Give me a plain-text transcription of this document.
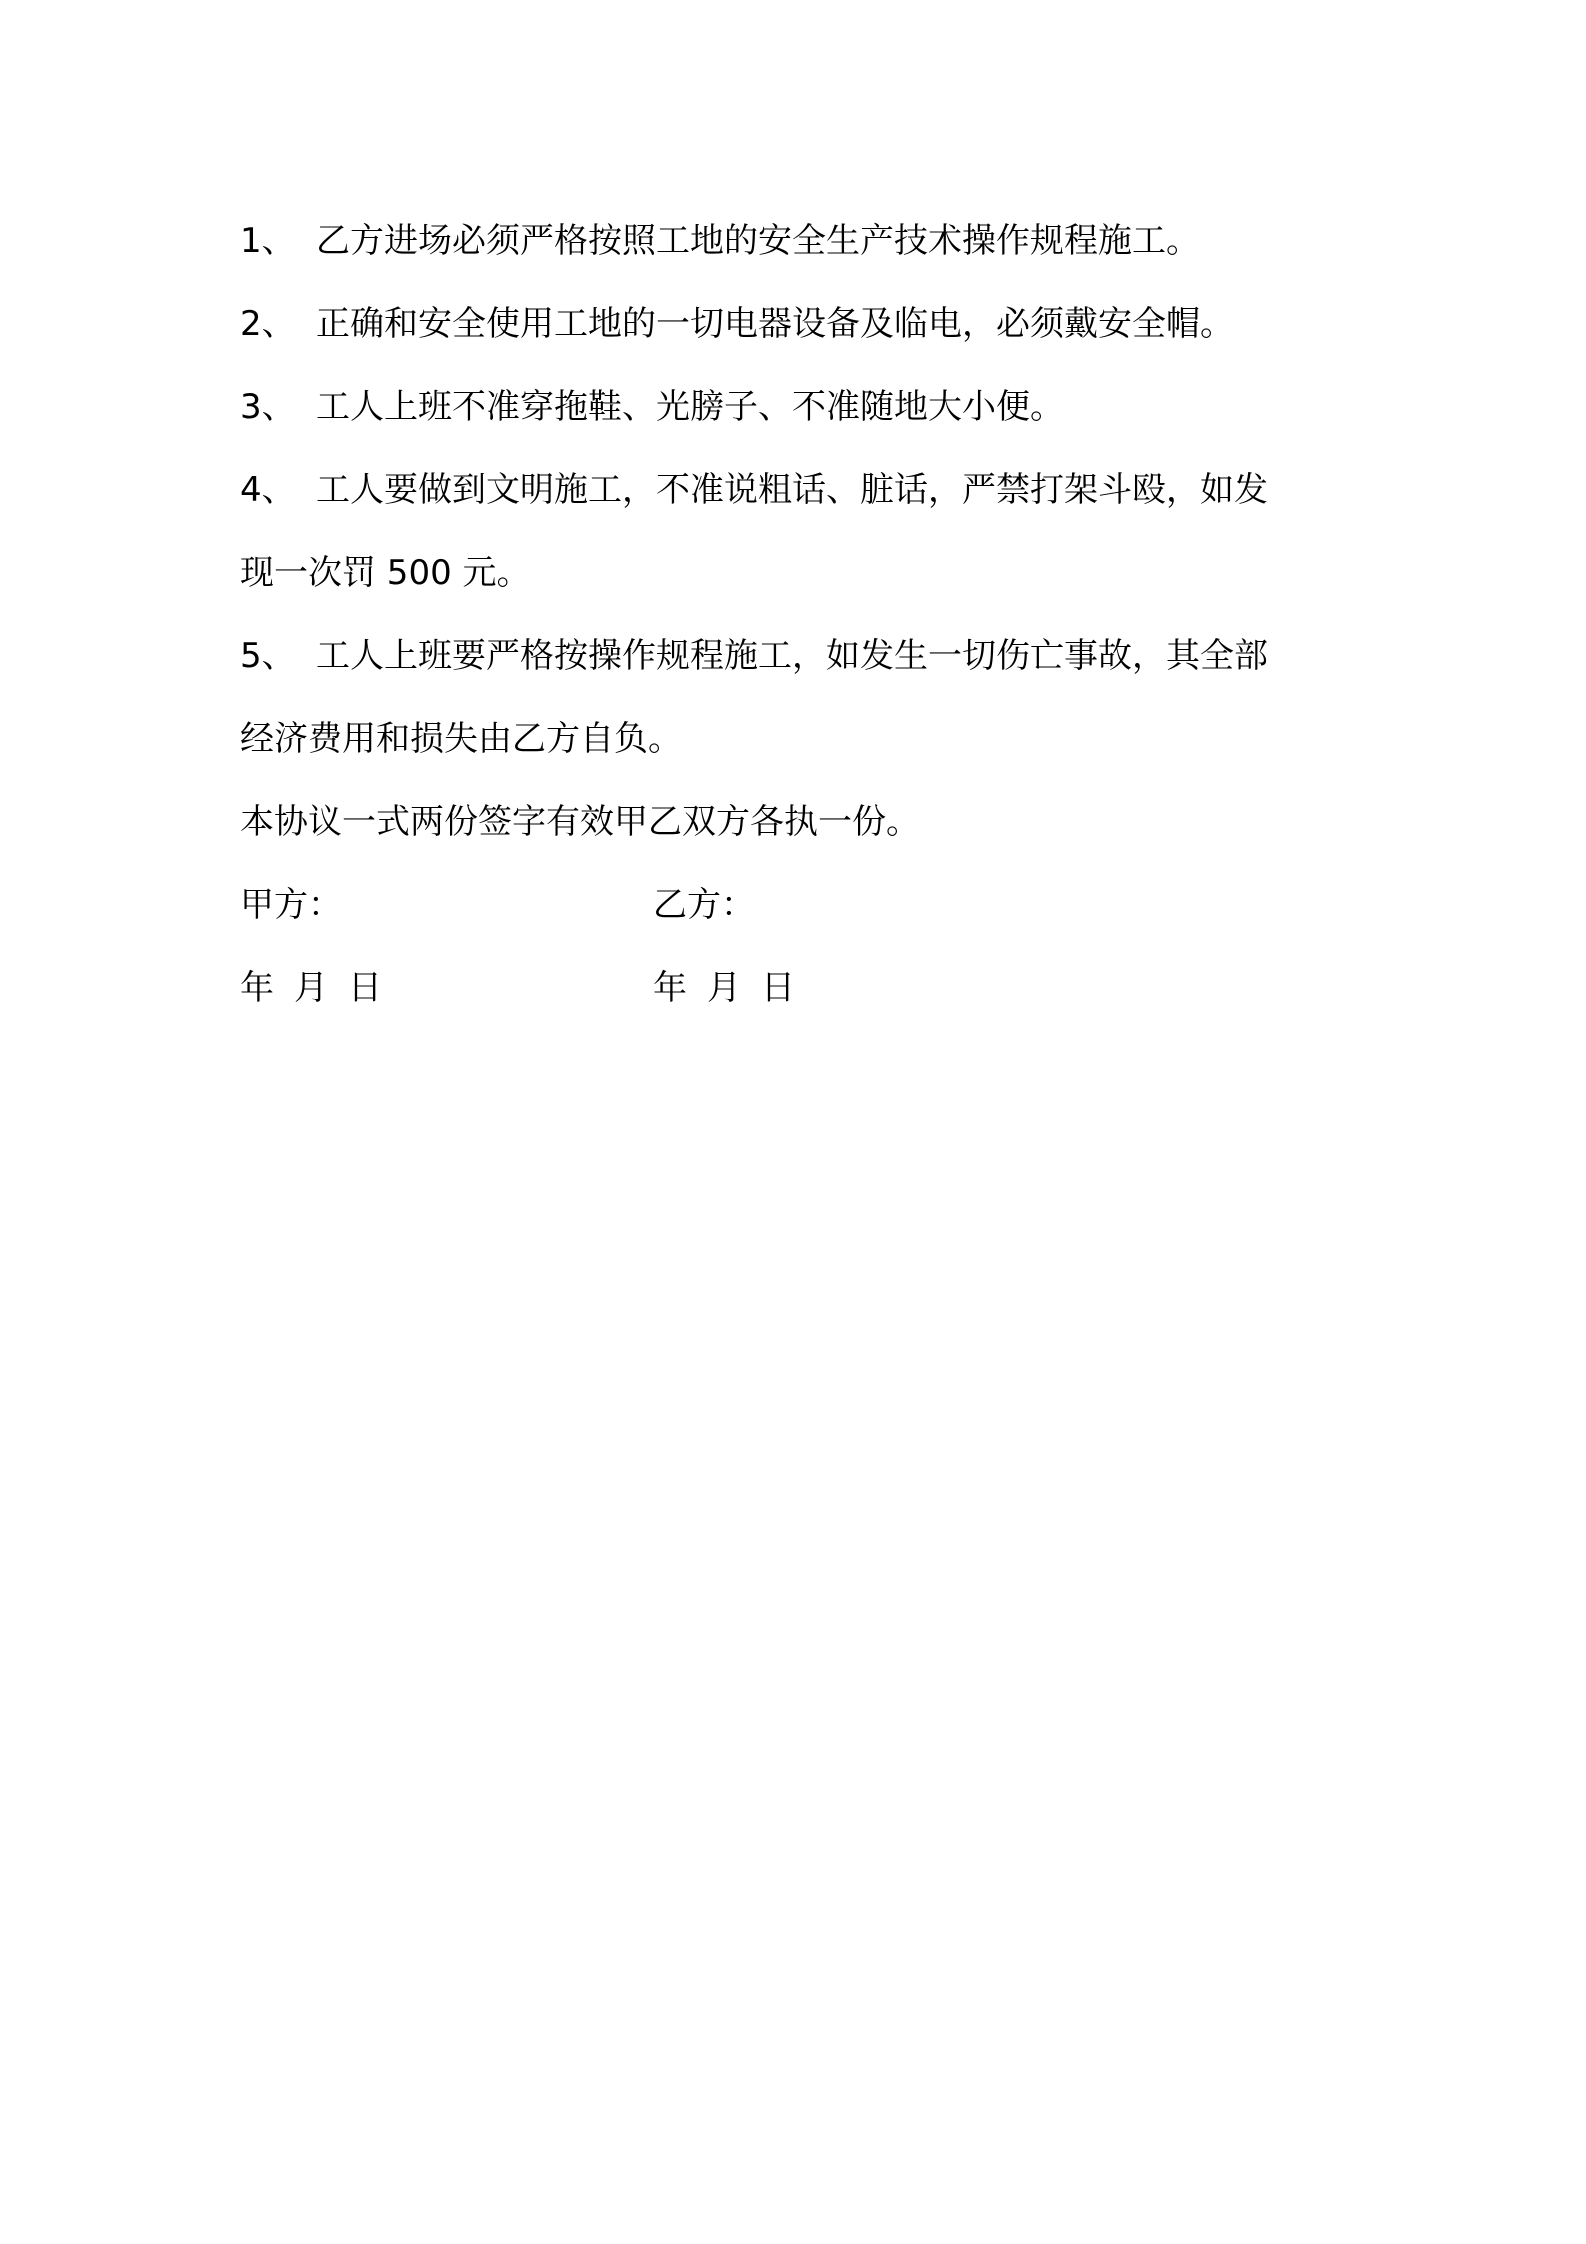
1、 乙方进场必须严格按照工地的安全生产技术操作规程施工。
2、 正确和安全使用工地的一切电器设备及临电，必须戴安全帽。
3、 工人上班不准穿拖鞋、光膀子、不准随地大小便。
4、 工人要做到文明施工，不准说粗话、脏话，严禁打架斗殴，如发
现一次罚 500 元。
5、 工人上班要严格按操作规程施工，如发生一切伤亡事故，其全部
经济费用和损失由乙方自负。
本协议一式两份签字有效甲乙双方各执一份。
甲方：	乙方：
年 月 日	年 月 日
